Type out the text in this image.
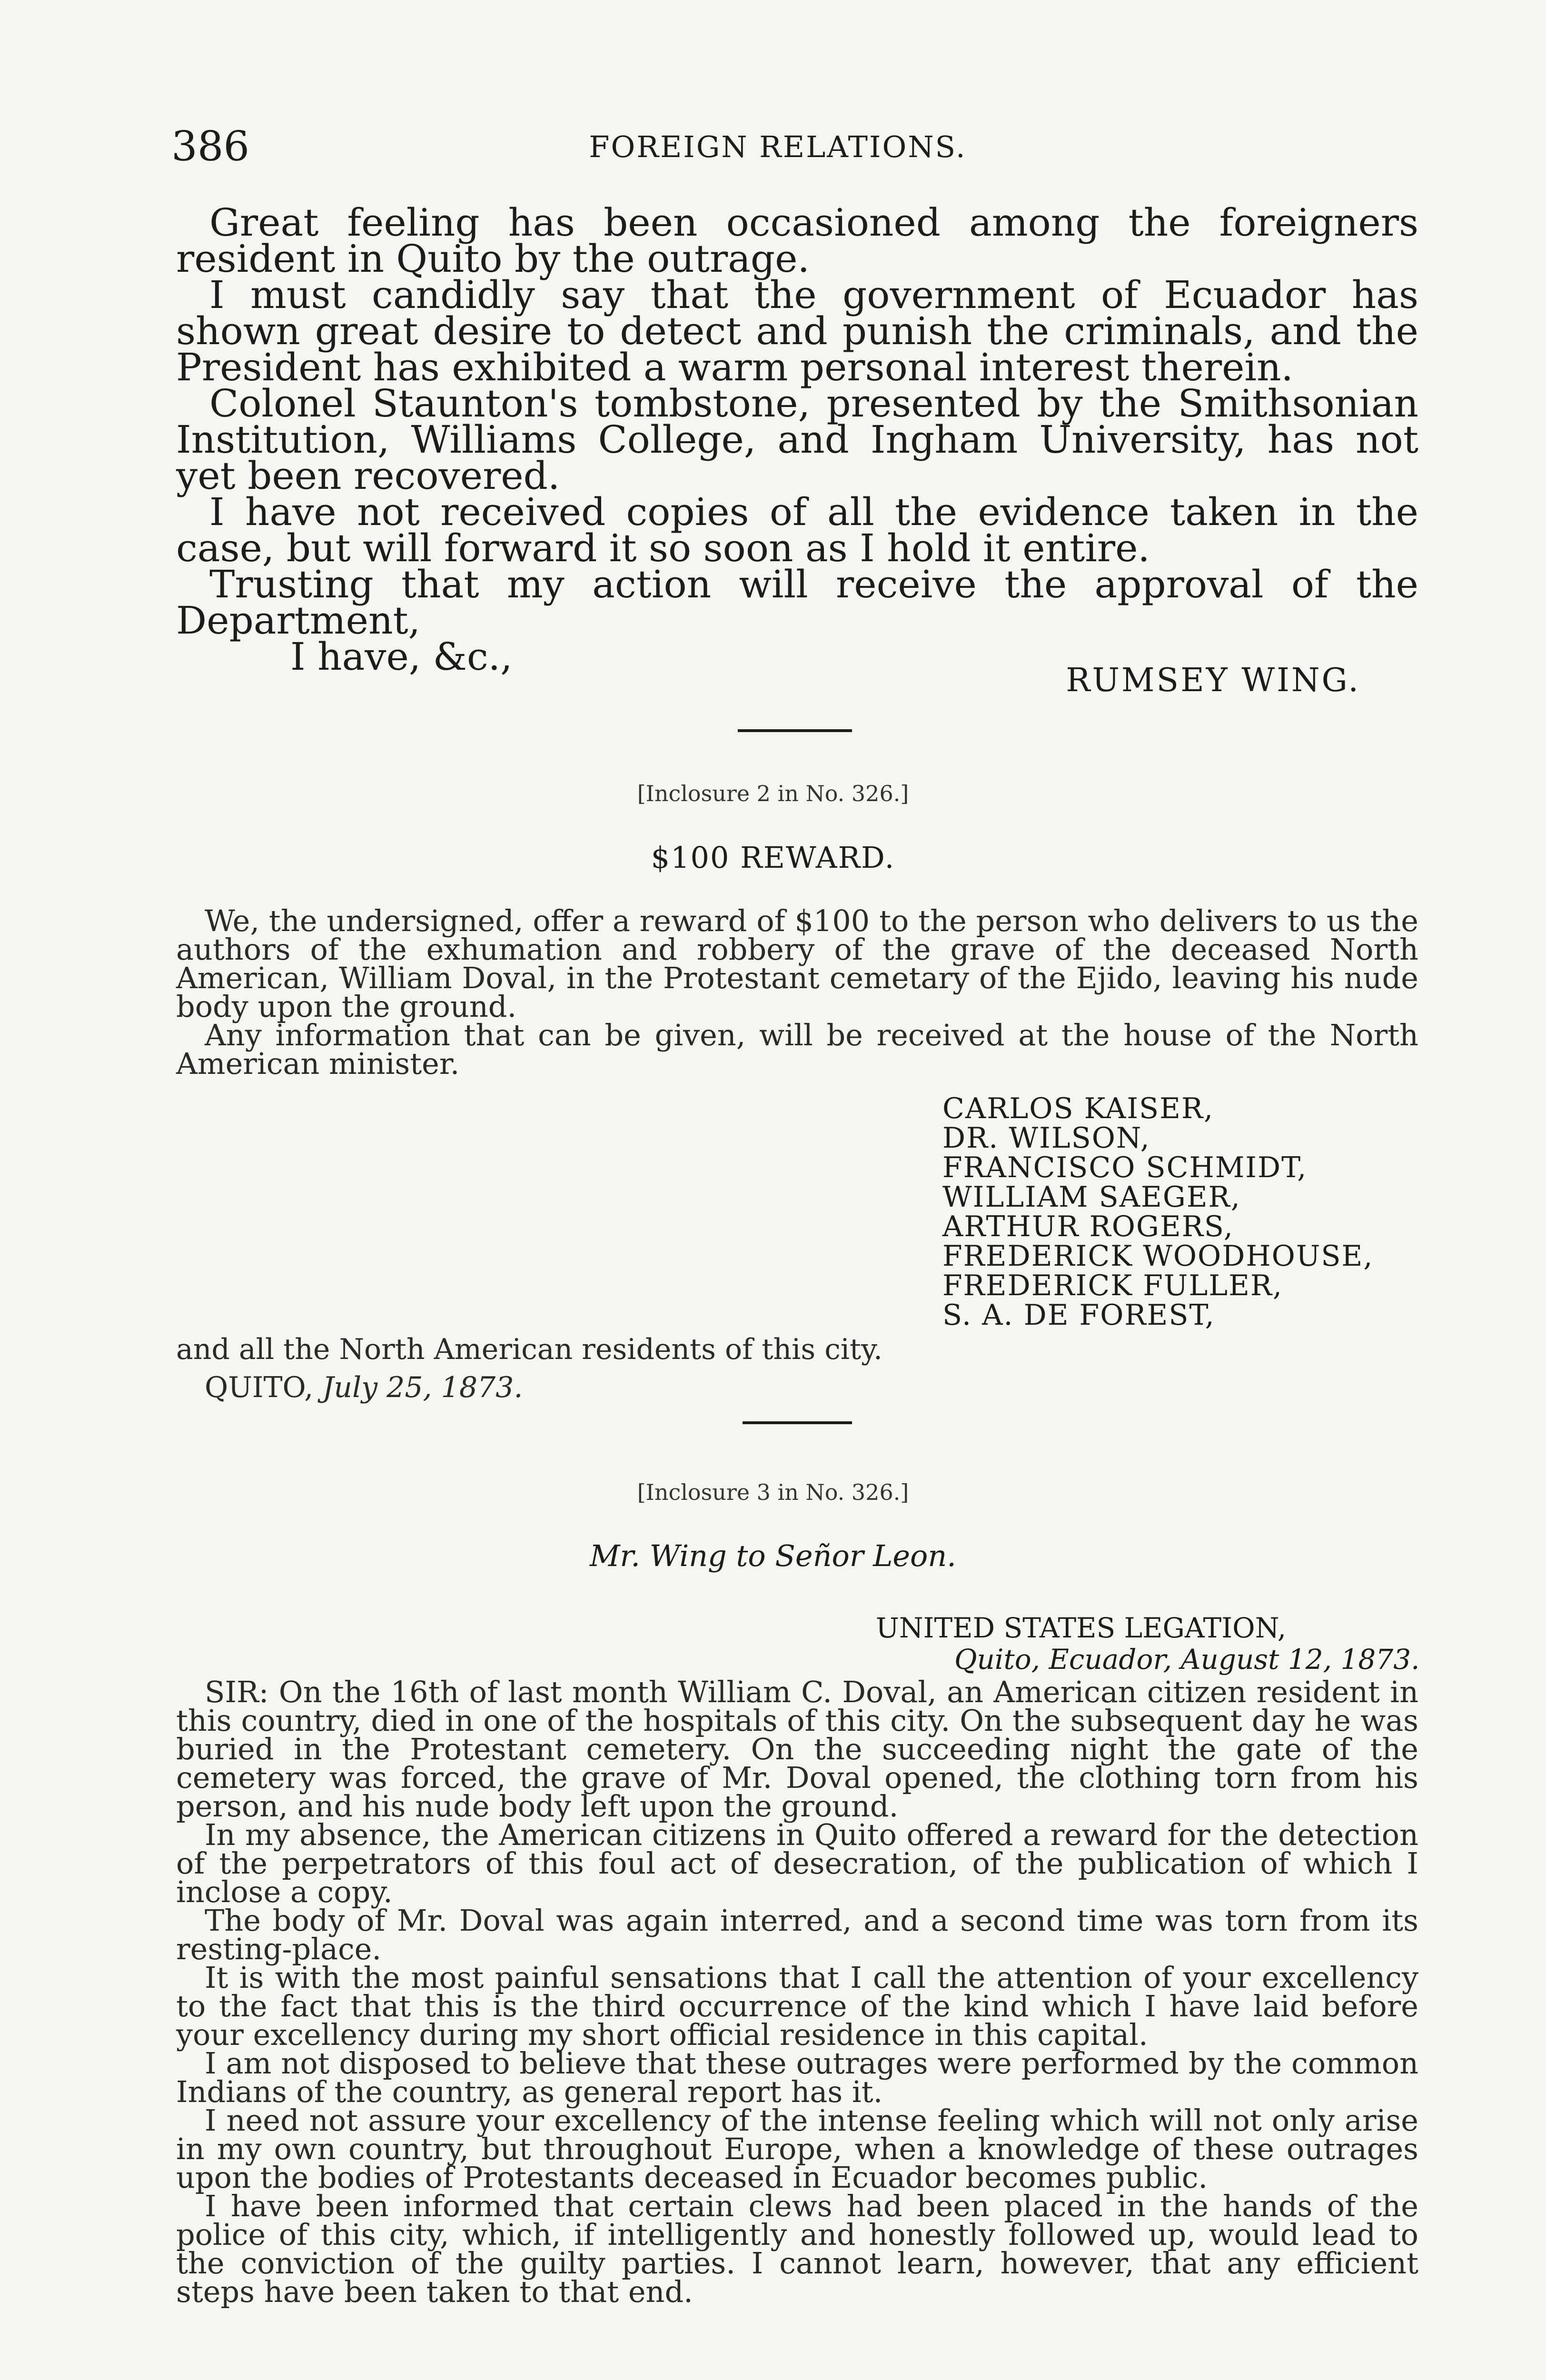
386	FOREIGN RELATIONS.

Great feeling has been occasioned among the foreigners resident in Quito by the outrage.

I must candidly say that the government of Ecuador has shown great desire to detect and punish the criminals, and the President has exhibited a warm personal interest therein.

Colonel Staunton's tombstone, presented by the Smithsonian Institution, Williams College, and Ingham University, has not yet been recovered.

I have not received copies of all the evidence taken in the case, but will forward it so soon as I hold it entire.

Trusting that my action will receive the approval of the Department,

I have, &c.,

RUMSEY WING.
[Inclosure 2 in No. 326.]
$100 REWARD.

We, the undersigned, offer a reward of $100 to the person who delivers to us the authors of the exhumation and robbery of the grave of the deceased North American, William Doval, in the Protestant cemetary of the Ejido, leaving his nude body upon the ground.

Any information that can be given, will be received at the house of the North American minister.

CARLOS KAISER,
DR. WILSON,
FRANCISCO SCHMIDT,
WILLIAM SAEGER,
ARTHUR ROGERS,
FREDERICK WOODHOUSE,
FREDERICK FULLER,
S. A. DE FOREST,
and all the North American residents of this city.
QUITO, July 25, 1873.
[Inclosure 3 in No. 326.]
Mr. Wing to Señor Leon.
UNITED STATES LEGATION,
Quito, Ecuador, August 12, 1873.

SIR: On the 16th of last month William C. Doval, an American citizen resident in this country, died in one of the hospitals of this city. On the subsequent day he was buried in the Protestant cemetery. On the succeeding night the gate of the cemetery was forced, the grave of Mr. Doval opened, the clothing torn from his person, and his nude body left upon the ground.

In my absence, the American citizens in Quito offered a reward for the detection of the perpetrators of this foul act of desecration, of the publication of which I inclose a copy.

The body of Mr. Doval was again interred, and a second time was torn from its resting-place.

It is with the most painful sensations that I call the attention of your excellency to the fact that this is the third occurrence of the kind which I have laid before your excellency during my short official residence in this capital.

I am not disposed to believe that these outrages were performed by the common Indians of the country, as general report has it.

I need not assure your excellency of the intense feeling which will not only arise in my own country, but throughout Europe, when a knowledge of these outrages upon the bodies of Protestants deceased in Ecuador becomes public.

I have been informed that certain clews had been placed in the hands of the police of this city, which, if intelligently and honestly followed up, would lead to the conviction of the guilty parties. I cannot learn, however, that any efficient steps have been taken to that end.
